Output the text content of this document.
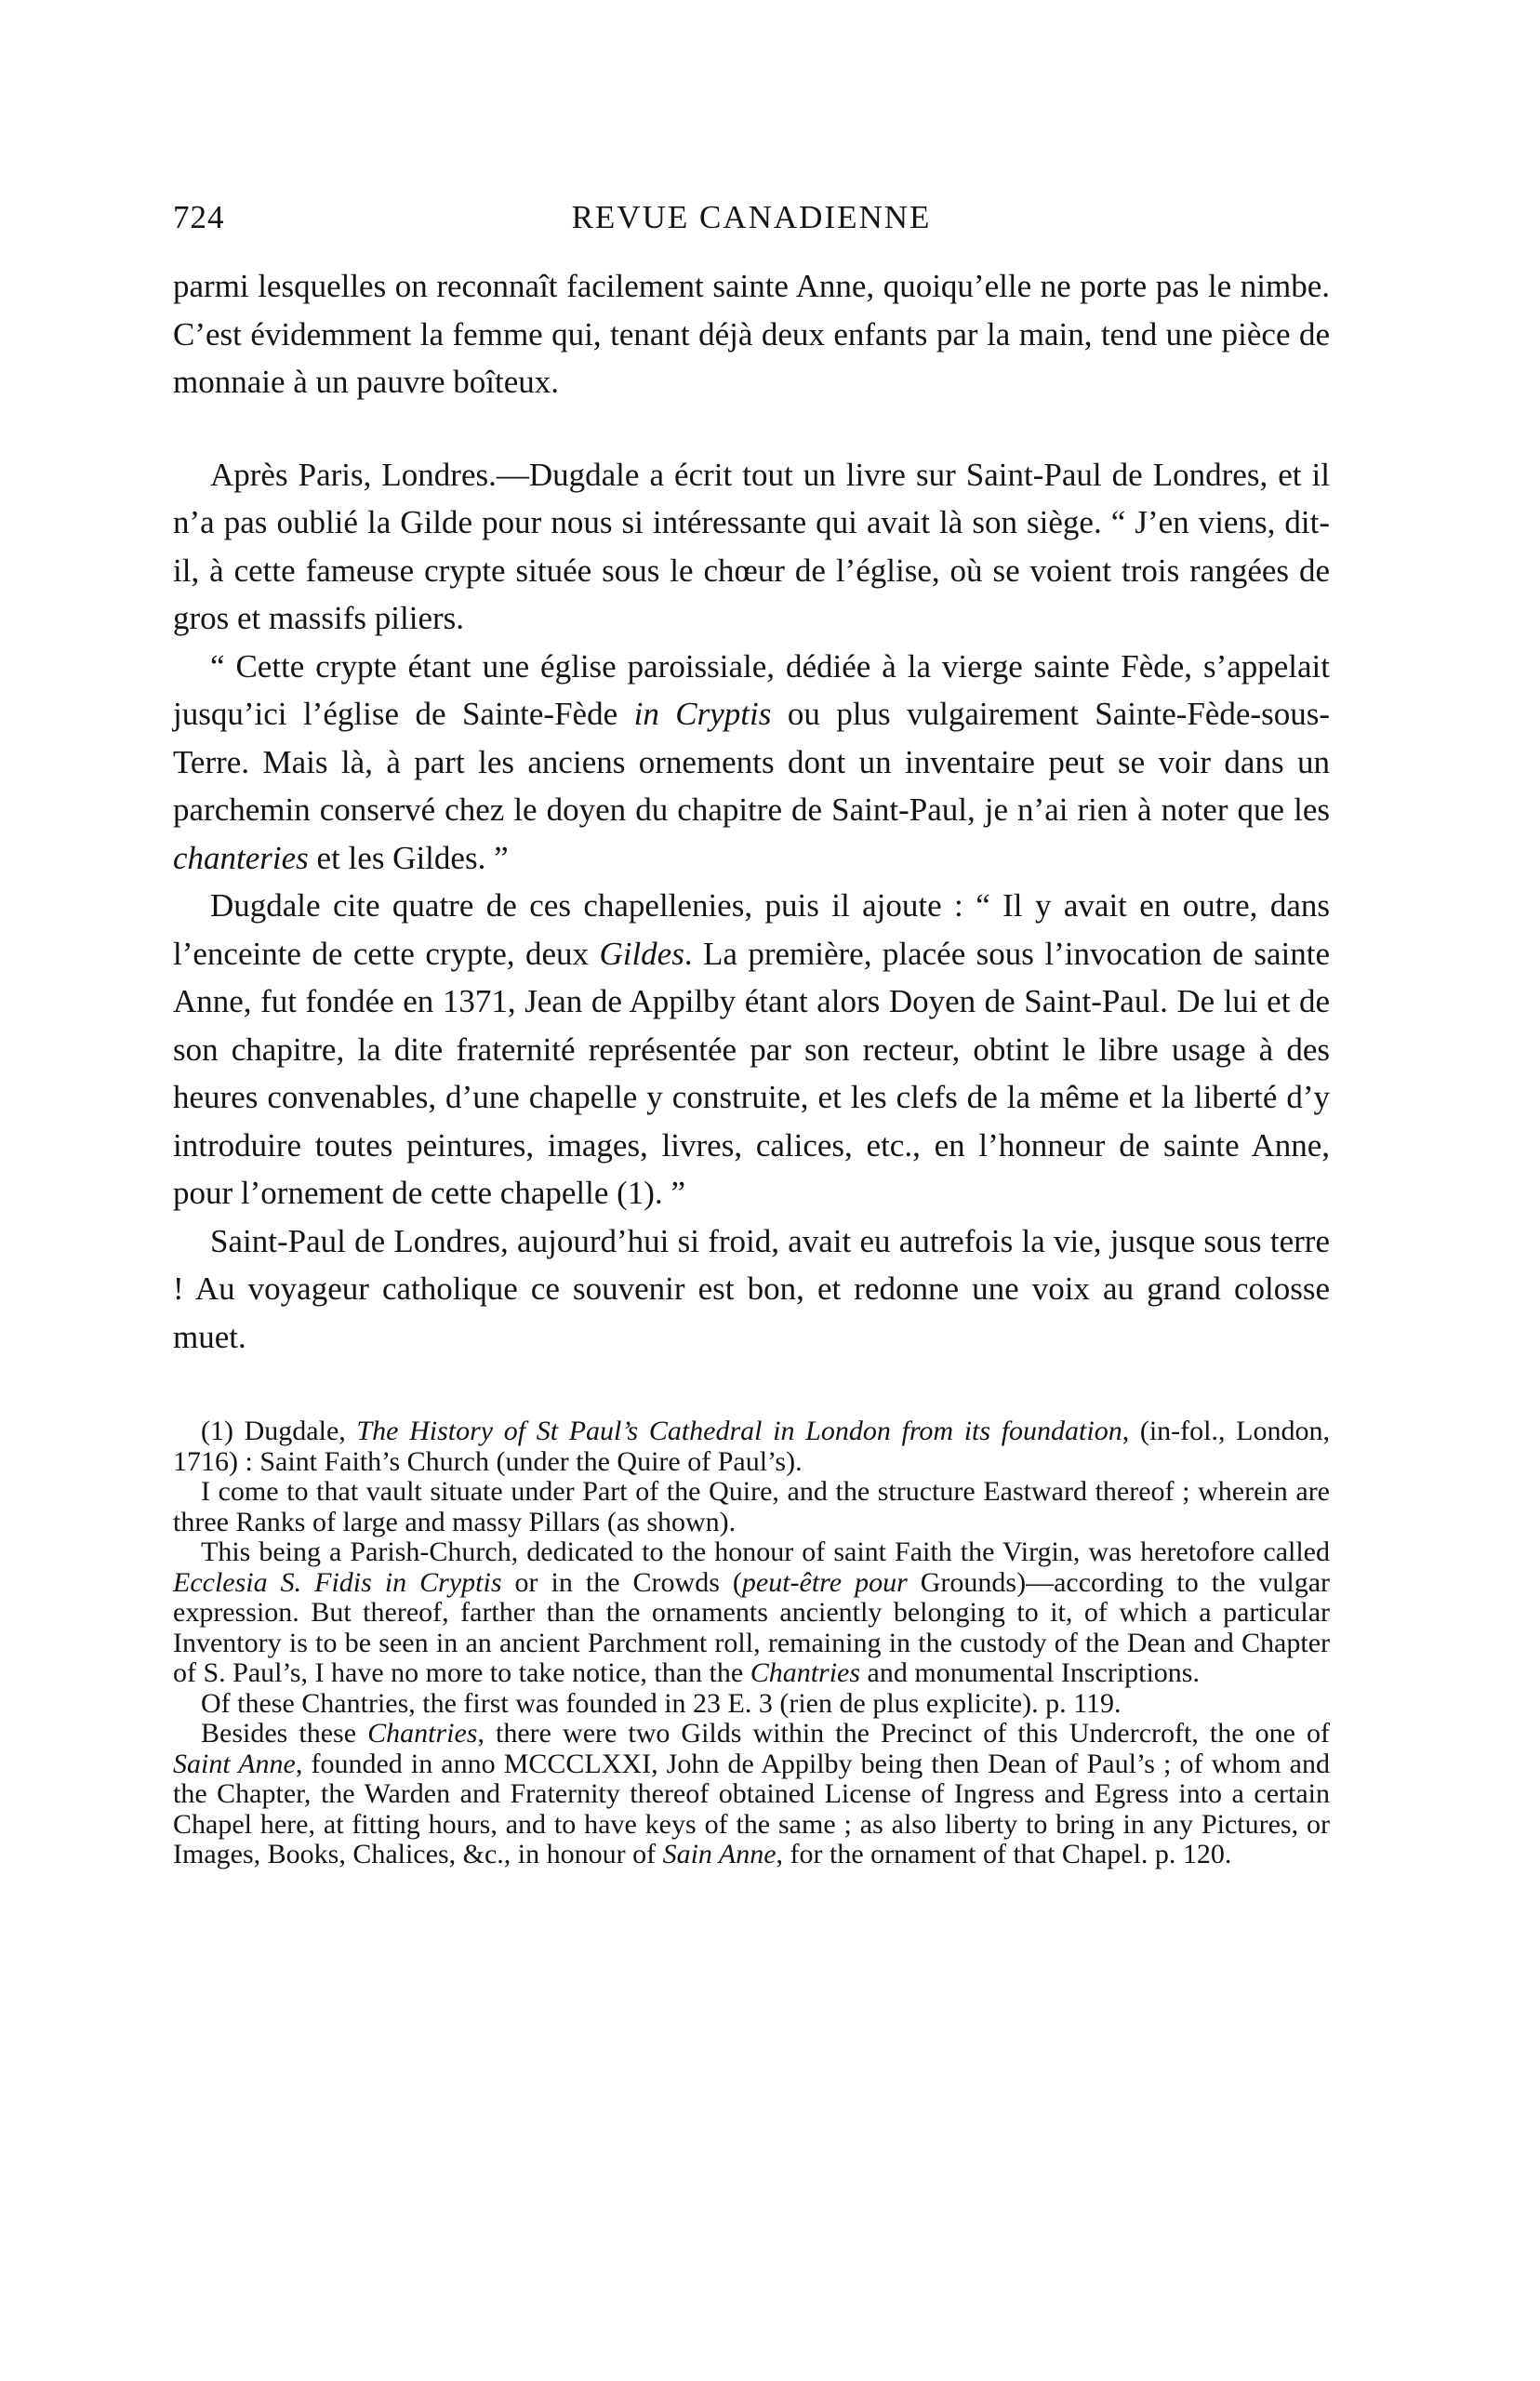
724	REVUE CANADIENNE

parmi lesquelles on reconnaît facilement sainte Anne, quoiqu’elle ne porte pas le nimbe. C’est évidemment la femme qui, tenant déjà deux enfants par la main, tend une pièce de monnaie à un pauvre boîteux.

Après Paris, Londres.—Dugdale a écrit tout un livre sur Saint-Paul de Londres, et il n’a pas oublié la Gilde pour nous si intéressante qui avait là son siège. “ J’en viens, dit-il, à cette fameuse crypte située sous le chœur de l’église, où se voient trois rangées de gros et massifs piliers.

“ Cette crypte étant une église paroissiale, dédiée à la vierge sainte Fède, s’appelait jusqu’ici l’église de Sainte-Fède in Cryptis ou plus vulgairement Sainte-Fède-sous-Terre. Mais là, à part les anciens ornements dont un inventaire peut se voir dans un parchemin conservé chez le doyen du chapitre de Saint-Paul, je n’ai rien à noter que les chanteries et les Gildes. ”

Dugdale cite quatre de ces chapellenies, puis il ajoute : “ Il y avait en outre, dans l’enceinte de cette crypte, deux Gildes. La première, placée sous l’invocation de sainte Anne, fut fondée en 1371, Jean de Appilby étant alors Doyen de Saint-Paul. De lui et de son chapitre, la dite fraternité représentée par son recteur, obtint le libre usage à des heures convenables, d’une chapelle y construite, et les clefs de la même et la liberté d’y introduire toutes peintures, images, livres, calices, etc., en l’honneur de sainte Anne, pour l’ornement de cette chapelle (1). ”

Saint-Paul de Londres, aujourd’hui si froid, avait eu autrefois la vie, jusque sous terre ! Au voyageur catholique ce souvenir est bon, et redonne une voix au grand colosse muet.

(1) Dugdale, The History of St Paul’s Cathedral in London from its foundation, (in-fol., London, 1716) : Saint Faith’s Church (under the Quire of Paul’s).

I come to that vault situate under Part of the Quire, and the structure Eastward thereof ; wherein are three Ranks of large and massy Pillars (as shown).

This being a Parish-Church, dedicated to the honour of saint Faith the Virgin, was heretofore called Ecclesia S. Fidis in Cryptis or in the Crowds (peut-être pour Grounds)—according to the vulgar expression. But thereof, farther than the ornaments anciently belonging to it, of which a particular Inventory is to be seen in an ancient Parchment roll, remaining in the custody of the Dean and Chapter of S. Paul’s, I have no more to take notice, than the Chantries and monumental Inscriptions.

Of these Chantries, the first was founded in 23 E. 3 (rien de plus explicite). p. 119.

Besides these Chantries, there were two Gilds within the Precinct of this Undercroft, the one of Saint Anne, founded in anno MCCCLXXI, John de Appilby being then Dean of Paul’s ; of whom and the Chapter, the Warden and Fraternity thereof obtained License of Ingress and Egress into a certain Chapel here, at fitting hours, and to have keys of the same ; as also liberty to bring in any Pictures, or Images, Books, Chalices, &c., in honour of Sain Anne, for the ornament of that Chapel. p. 120.
